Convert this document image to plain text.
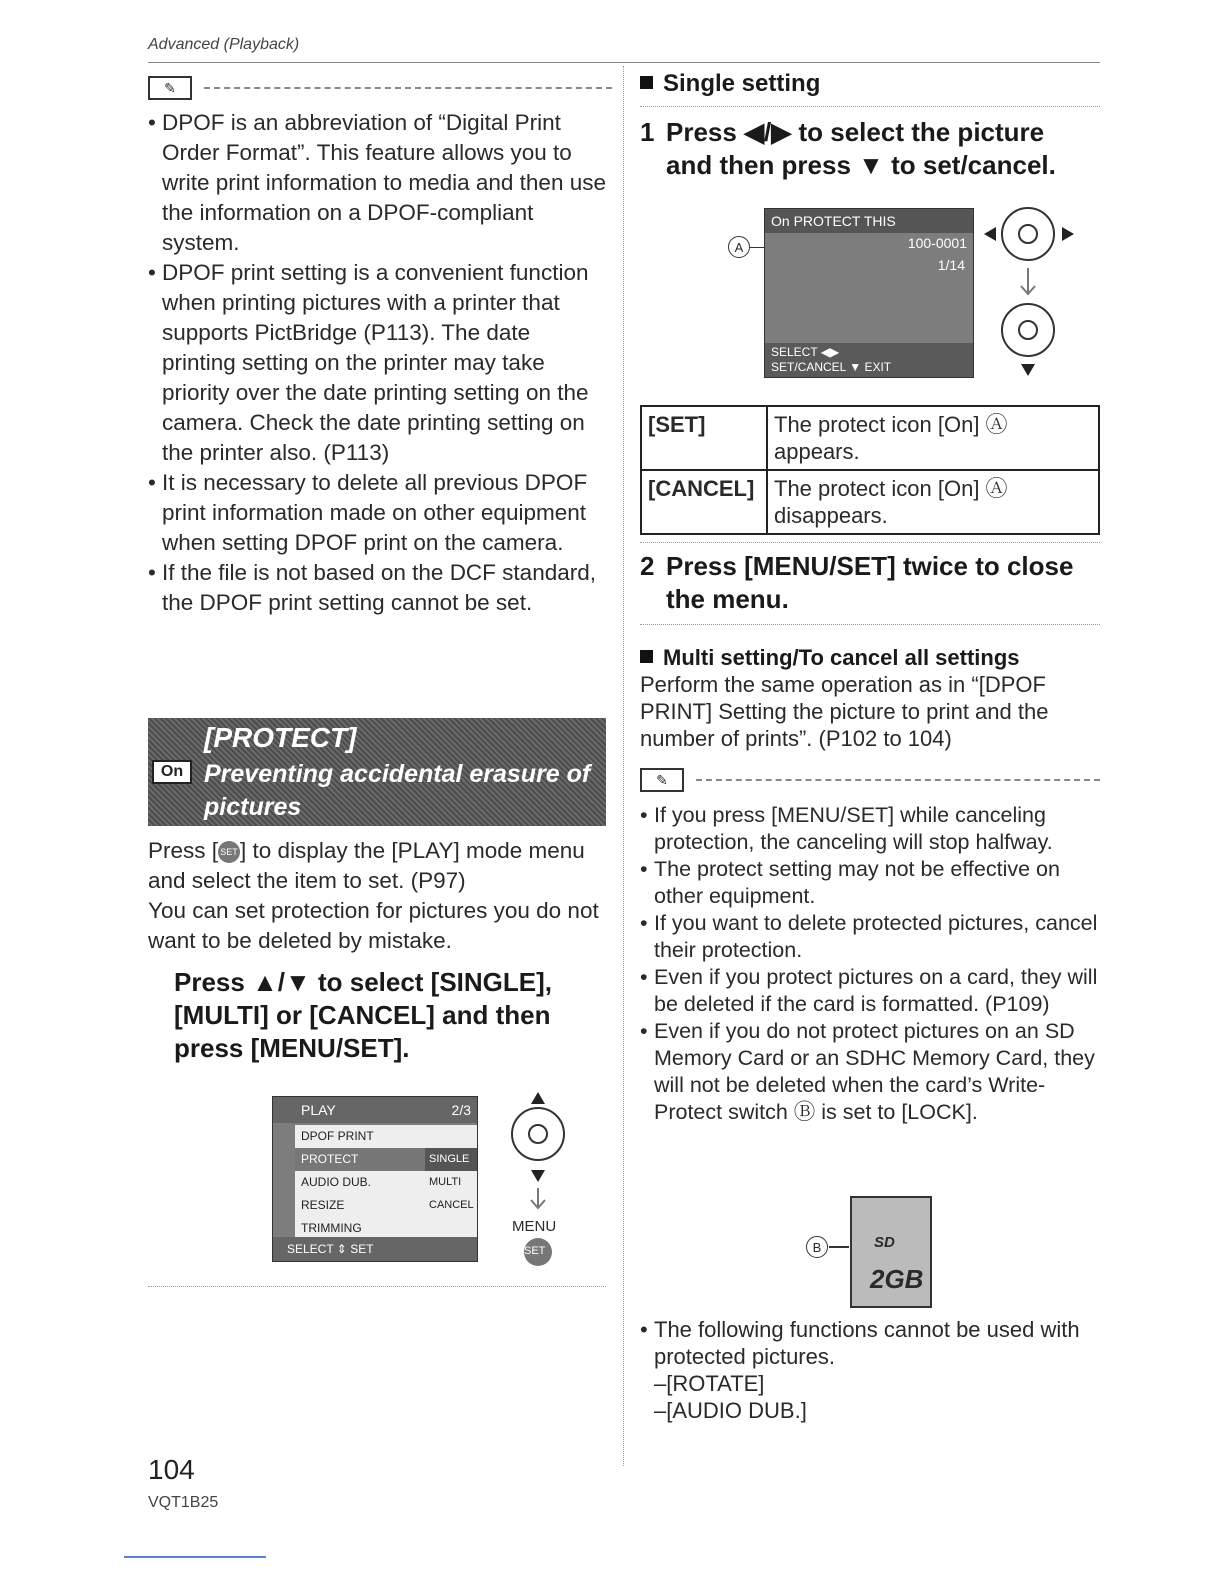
Advanced (Playback)
✎
• DPOF is an abbreviation of “Digital Print Order Format”. This feature allows you to write print information to media and then use the information on a DPOF-compliant system.
• DPOF print setting is a convenient function when printing pictures with a printer that supports PictBridge (P113). The date printing setting on the printer may take priority over the date printing setting on the camera. Check the date printing setting on the printer also. (P113)
• It is necessary to delete all previous DPOF print information made on other equipment when setting DPOF print on the camera.
• If the file is not based on the DCF standard, the DPOF print setting cannot be set.
On
[PROTECT]
Preventing accidental erasure of pictures
Press [ SET ] to display the [PLAY] mode menu and select the item to set. (P97)
You can set protection for pictures you do not want to be deleted by mistake.
Press ▲/▼ to select [SINGLE], [MULTI] or [CANCEL] and then press [MENU/SET].
PLAY	2/3
DPOF PRINT
PROTECT
AUDIO DUB.
RESIZE
TRIMMING
SINGLE
MULTI
CANCEL
SELECT ⇕ SET
MENU
SET
104
VQT1B25
Single setting
1 Press ◀/▶ to select the picture
and then press ▼ to set/cancel.
A
On PROTECT THIS
100-0001
1/14
SELECT ◀▶
SET/CANCEL ▼ EXIT
[SET]	The protect icon [On] Ⓐ appears.
[CANCEL]	The protect icon [On] Ⓐ disappears.
2 Press [MENU/SET] twice to close
the menu.
Multi setting/To cancel all settings
Perform the same operation as in “[DPOF PRINT] Setting the picture to print and the number of prints”. (P102 to 104)
✎
• If you press [MENU/SET] while canceling protection, the canceling will stop halfway.
• The protect setting may not be effective on other equipment.
• If you want to delete protected pictures, cancel their protection.
• Even if you protect pictures on a card, they will be deleted if the card is formatted. (P109)
• Even if you do not protect pictures on an SD Memory Card or an SDHC Memory Card, they will not be deleted when the card’s Write-Protect switch Ⓑ is set to [LOCK].
B	SD
2GB
• The following functions cannot be used with protected pictures.
–[ROTATE]
–[AUDIO DUB.]
